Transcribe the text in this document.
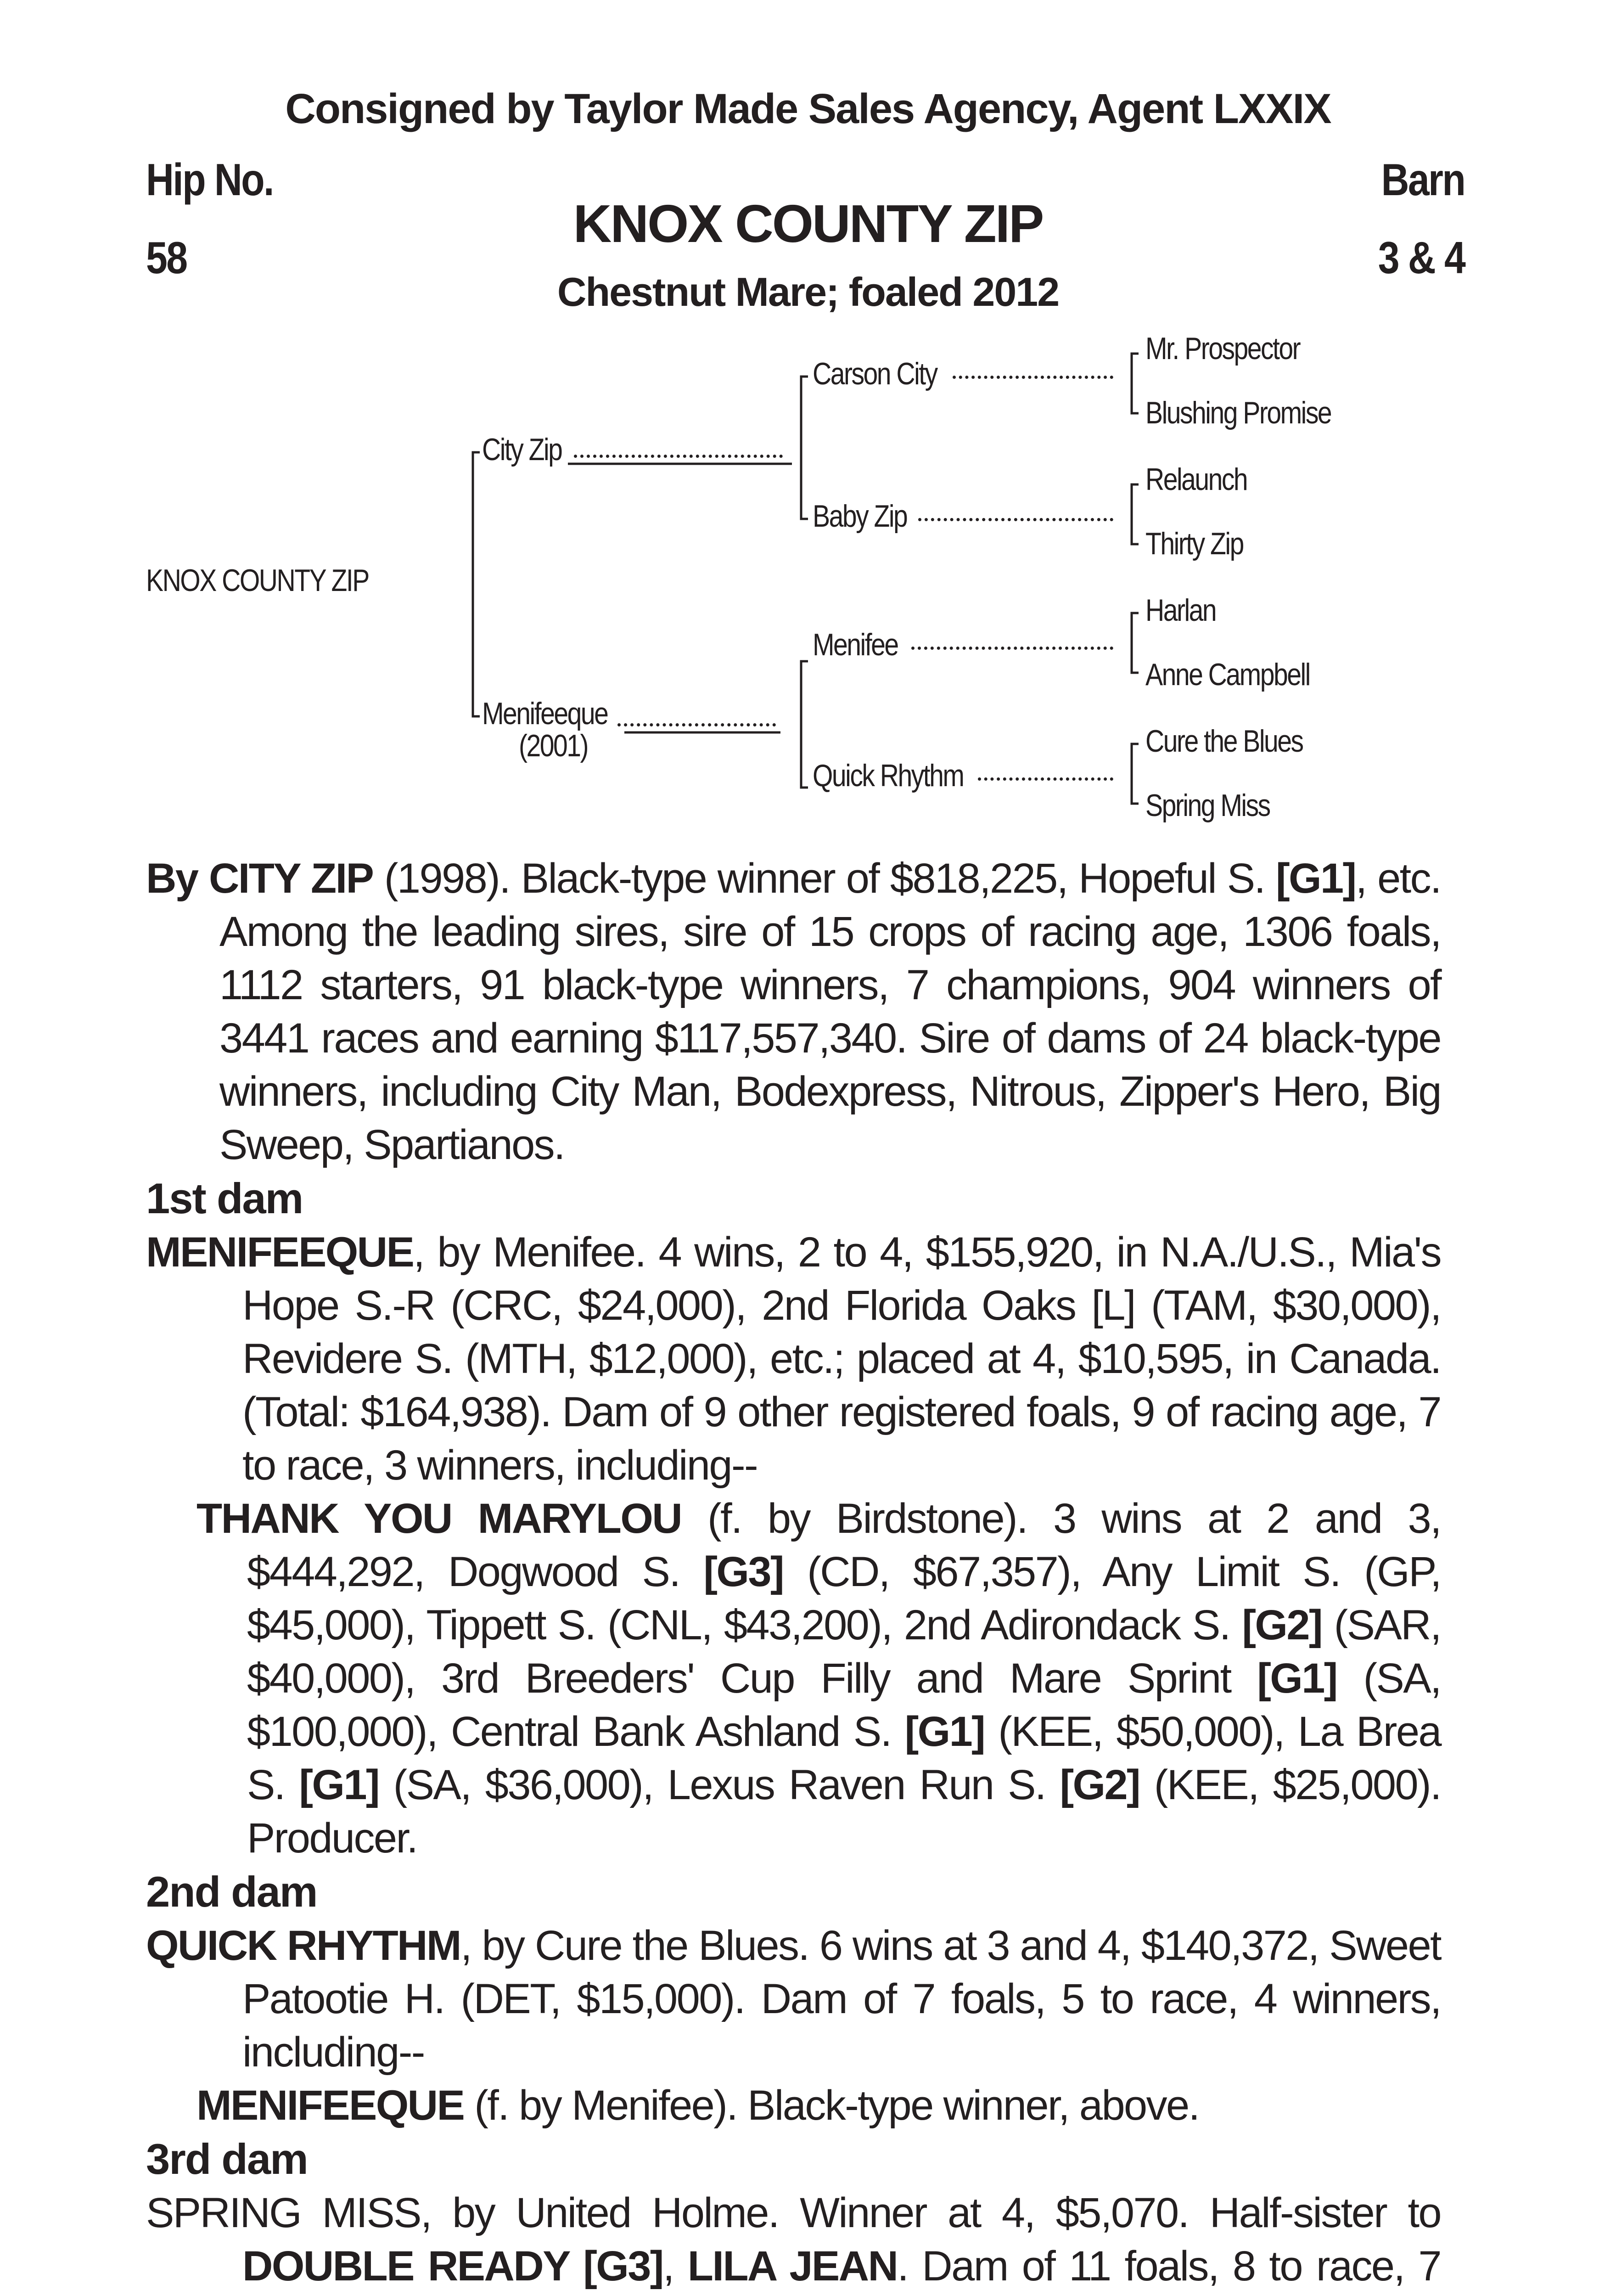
Consigned by Taylor Made Sales Agency, Agent LXXIX
Hip No.
58
Barn
3 & 4
KNOX COUNTY ZIP
Chestnut Mare; foaled 2012
KNOX COUNTY ZIP
City Zip
Menifeeque
(2001)
Carson City
Baby Zip
Menifee
Quick Rhythm
Mr. Prospector
Blushing Promise
Relaunch
Thirty Zip
Harlan
Anne Campbell
Cure the Blues
Spring Miss

By CITY ZIP (1998). Black-type winner of $818,225, Hopeful S. [G1], etc. Among the leading sires, sire of 15 crops of racing age, 1306 foals, 1112 starters, 91 black-type winners, 7 champions, 904 winners of 3441 races and earning $117,557,340. Sire of dams of 24 black-type winners, including City Man, Bodexpress, Nitrous, Zipper's Hero, Big Sweep, Spartianos.

1st dam

MENIFEEQUE, by Menifee. 4 wins, 2 to 4, $155,920, in N.A./U.S., Mia's Hope S.-R (CRC, $24,000), 2nd Florida Oaks [L] (TAM, $30,000), Revidere S. (MTH, $12,000), etc.; placed at 4, $10,595, in Canada. (Total: $164,938). Dam of 9 other registered foals, 9 of racing age, 7 to race, 3 winners, including--

THANK YOU MARYLOU (f. by Birdstone). 3 wins at 2 and 3, $444,292, Dogwood S. [G3] (CD, $67,357), Any Limit S. (GP, $45,000), Tippett S. (CNL, $43,200), 2nd Adirondack S. [G2] (SAR, $40,000), 3rd Breeders' Cup Filly and Mare Sprint [G1] (SA, $100,000), Central Bank Ashland S. [G1] (KEE, $50,000), La Brea S. [G1] (SA, $36,000), Lexus Raven Run S. [G2] (KEE, $25,000). Producer.

2nd dam

QUICK RHYTHM, by Cure the Blues. 6 wins at 3 and 4, $140,372, Sweet Patootie H. (DET, $15,000). Dam of 7 foals, 5 to race, 4 winners, including--

MENIFEEQUE (f. by Menifee). Black-type winner, above.

3rd dam

SPRING MISS, by United Holme. Winner at 4, $5,070. Half-sister to DOUBLE READY [G3], LILA JEAN. Dam of 11 foals, 8 to race, 7
